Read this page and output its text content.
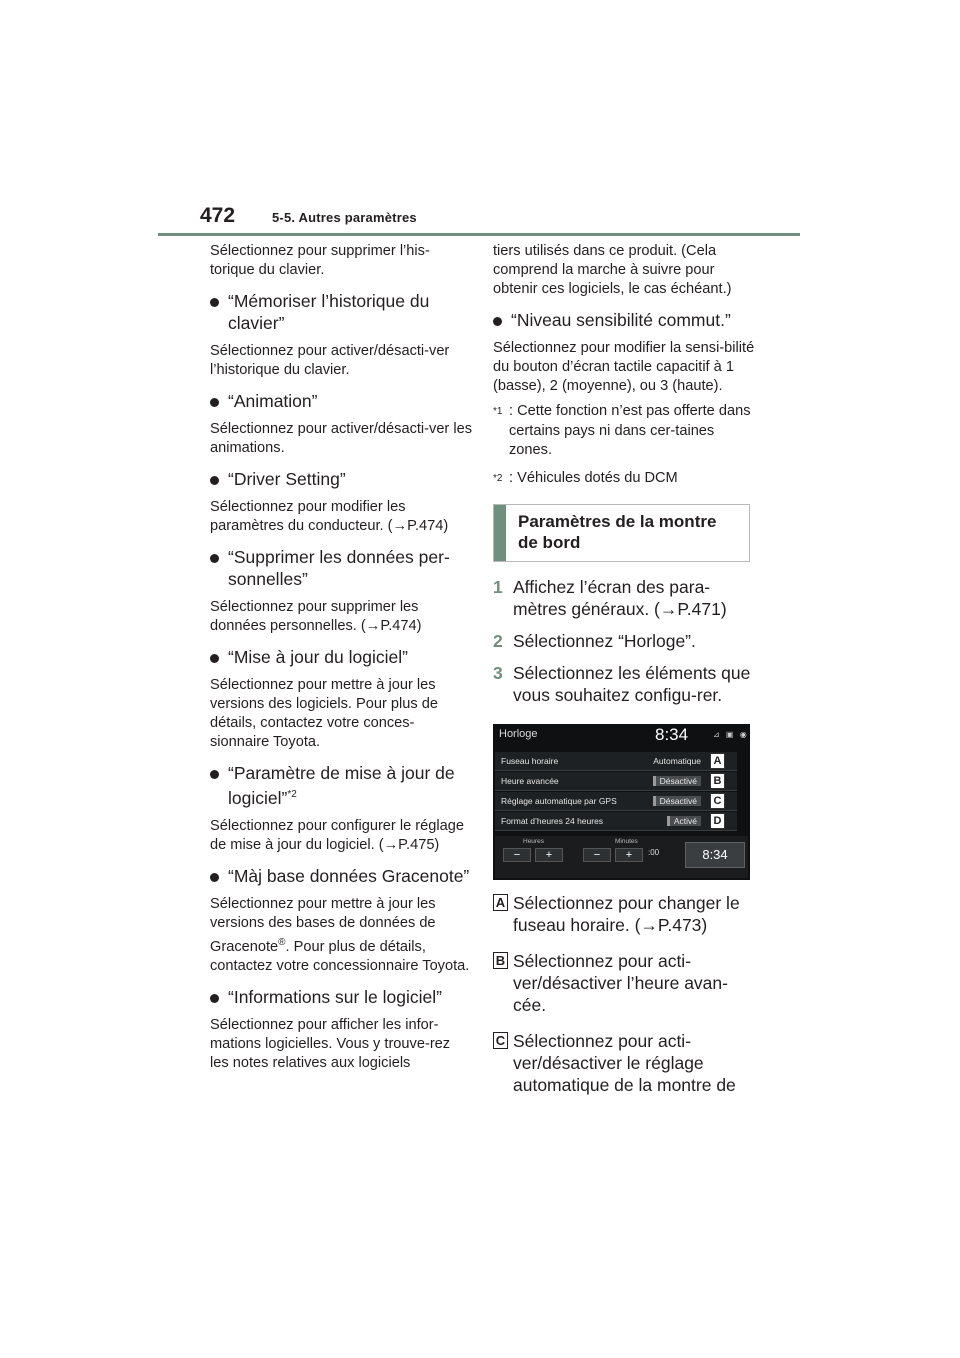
472	5-5. Autres paramètres

Sélectionnez pour supprimer l’his-torique du clavier.

“Mémoriser l’historique du clavier”

Sélectionnez pour activer/désacti-ver l’historique du clavier.

“Animation”

Sélectionnez pour activer/désacti-ver les animations.

“Driver Setting”

Sélectionnez pour modifier les paramètres du conducteur. (→P.474)

“Supprimer les données per-sonnelles”

Sélectionnez pour supprimer les données personnelles. (→P.474)

“Mise à jour du logiciel”

Sélectionnez pour mettre à jour les versions des logiciels. Pour plus de détails, contactez votre conces-sionnaire Toyota.

“Paramètre de mise à jour de logiciel”$^{*2}$

Sélectionnez pour configurer le réglage de mise à jour du logiciel. (→P.475)

“Màj base données Gracenote”

Sélectionnez pour mettre à jour les versions des bases de données de Gracenote®. Pour plus de détails, contactez votre concessionnaire Toyota.

“Informations sur le logiciel”

Sélectionnez pour afficher les infor-mations logicielles. Vous y trouve-rez les notes relatives aux logiciels

tiers utilisés dans ce produit. (Cela comprend la marche à suivre pour obtenir ces logiciels, le cas échéant.)

“Niveau sensibilité commut.”

Sélectionnez pour modifier la sensi-bilité du bouton d’écran tactile capacitif à 1 (basse), 2 (moyenne), ou 3 (haute).

*1 : Cette fonction n’est pas offerte dans certains pays ni dans cer-taines zones.
*2 : Véhicules dotés du DCM
Paramètres de la montre de bord
1 Affichez l’écran des para-mètres généraux. (→P.471)
2 Sélectionnez “Horloge”.
3 Sélectionnez les éléments que vous souhaitez configu-rer.
Horloge	8:34	⊿ ▣ ◉
Fuseau horaire	Automatique	A
Heure avancée	Désactivé	B
Réglage automatique par GPS	Désactivé	C
Format d’heures 24 heures	Activé	D
Heures	Minutes
−	+	−	+	:00	8:34
A Sélectionnez pour changer le fuseau horaire. (→P.473)
B Sélectionnez pour acti-ver/désactiver l’heure avan-cée.
C Sélectionnez pour acti-ver/désactiver le réglage automatique de la montre de
